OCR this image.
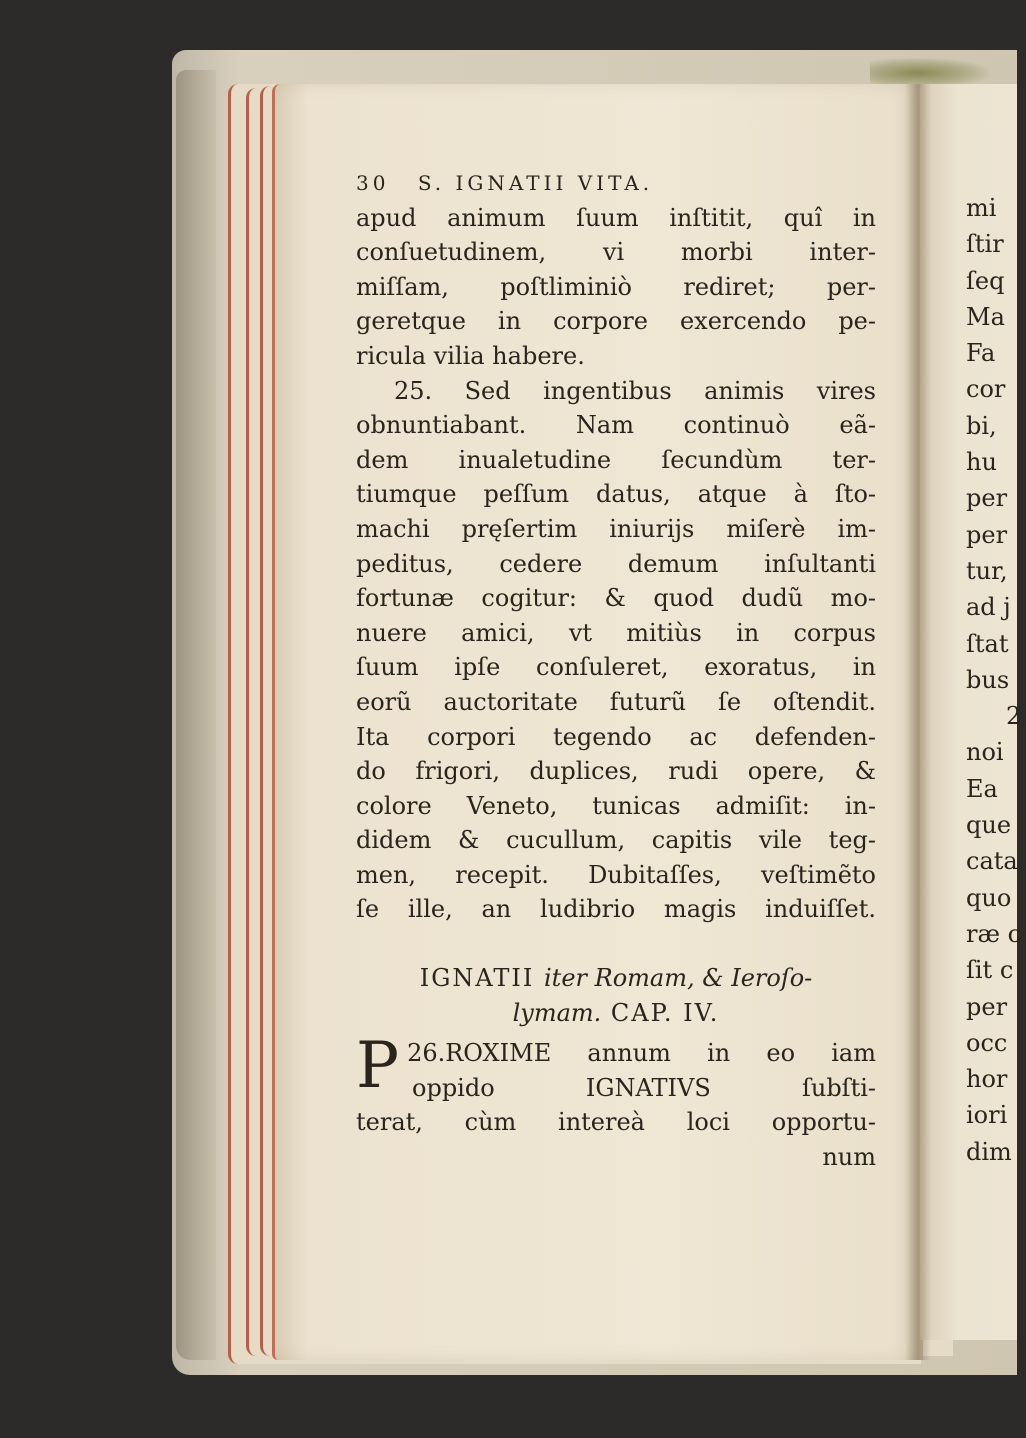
30 S. IGNATII VITA.
apud animum ſuum inſtitit, quî in
conſuetudinem, vi morbi inter-
miſſam, poſtliminiò rediret; per-
geretque in corpore exercendo pe-
ricula vilia habere.
25. Sed ingentibus animis vires
obnuntiabant. Nam continuò eã-
dem inualetudine ſecundùm ter-
tiumque peſſum datus, atque à ſto-
machi pręſertim iniurijs miſerè im-
peditus, cedere demum inſultanti
fortunæ cogitur: & quod dudũ mo-
nuere amici, vt mitiùs in corpus
ſuum ipſe conſuleret, exoratus, in
eorũ auctoritate futurũ ſe oſtendit.
Ita corpori tegendo ac defenden-
do frigori, duplices, rudi opere, &
colore Veneto, tunicas admiſit: in-
didem & cucullum, capitis vile teg-
men, recepit. Dubitaſſes, veſtimẽto
ſe ille, an ludibrio magis induiſſet.
IGNATII iter Romam, & Ieroſo-
lymam. CAP. IV.
26.
P ROXIME annum in eo iam
oppido IGNATIVS ſubſti-
terat, cùm intereà loci opportu-
num
mi
ſtir
ſeq
Ma
Fa
cor
bi,
hu
per
per
tur,
ad j
ſtat
bus
2
noi
Ea
que
cata
quo
ræ c
ſit c
per
occ
hor
iori
dim
